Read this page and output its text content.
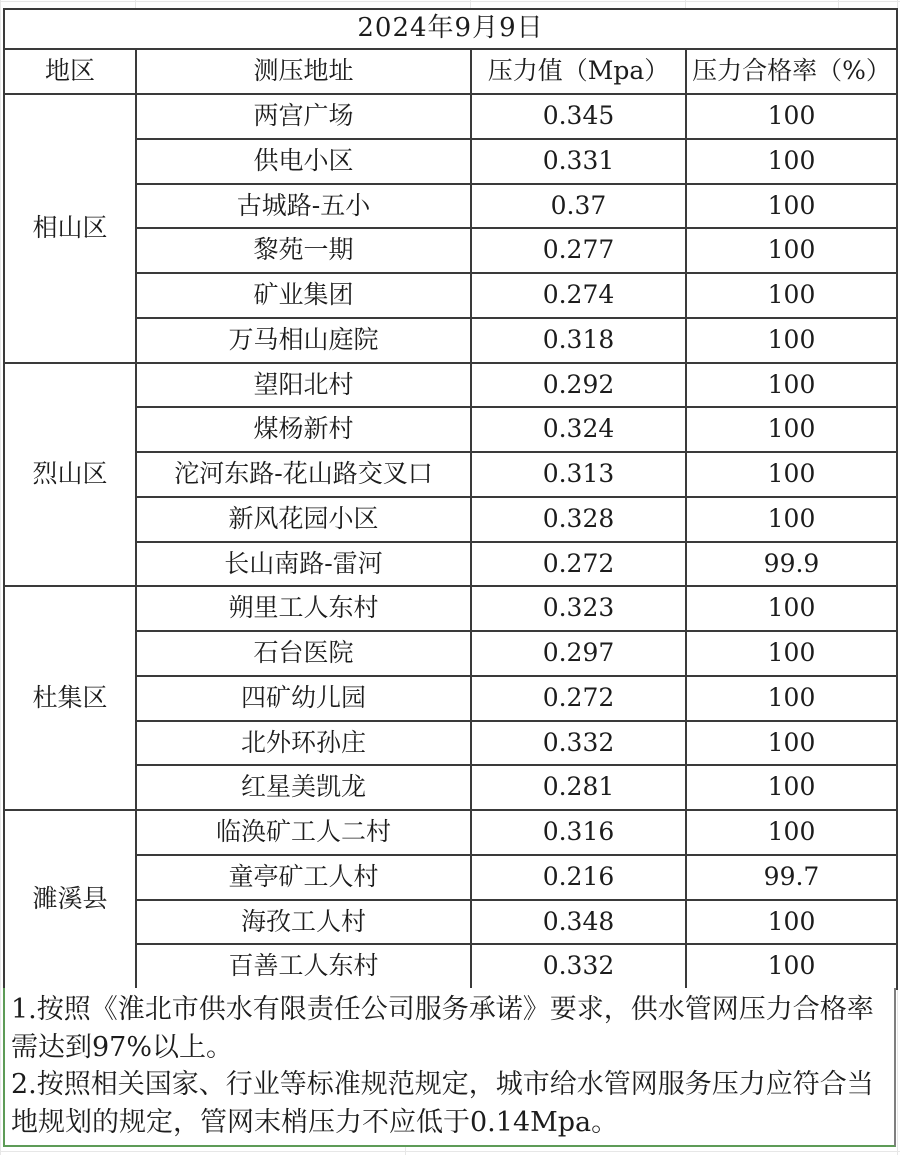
2024年9月9日			
地区	测压地址	压力值（Mpa）	压力合格率（%）
相山区	两宫广场	0.345	100
	供电小区	0.331	100
	古城路-五小	0.37	100
	黎苑一期	0.277	100
	矿业集团	0.274	100
	万马相山庭院	0.318	100
烈山区	望阳北村	0.292	100
	煤杨新村	0.324	100
	沱河东路-花山路交叉口	0.313	100
	新风花园小区	0.328	100
	长山南路-雷河	0.272	99.9
杜集区	朔里工人东村	0.323	100
	石台医院	0.297	100
	四矿幼儿园	0.272	100
	北外环孙庄	0.332	100
	红星美凯龙	0.281	100
濉溪县	临涣矿工人二村	0.316	100
	童亭矿工人村	0.216	99.7
	海孜工人村	0.348	100
	百善工人东村	0.332	100

1.按照《淮北市供水有限责任公司服务承诺》要求，供水管网压力合格率需达到97%以上。

2.按照相关国家、行业等标准规范规定，城市给水管网服务压力应符合当地规划的规定，管网末梢压力不应低于0.14Mpa。
